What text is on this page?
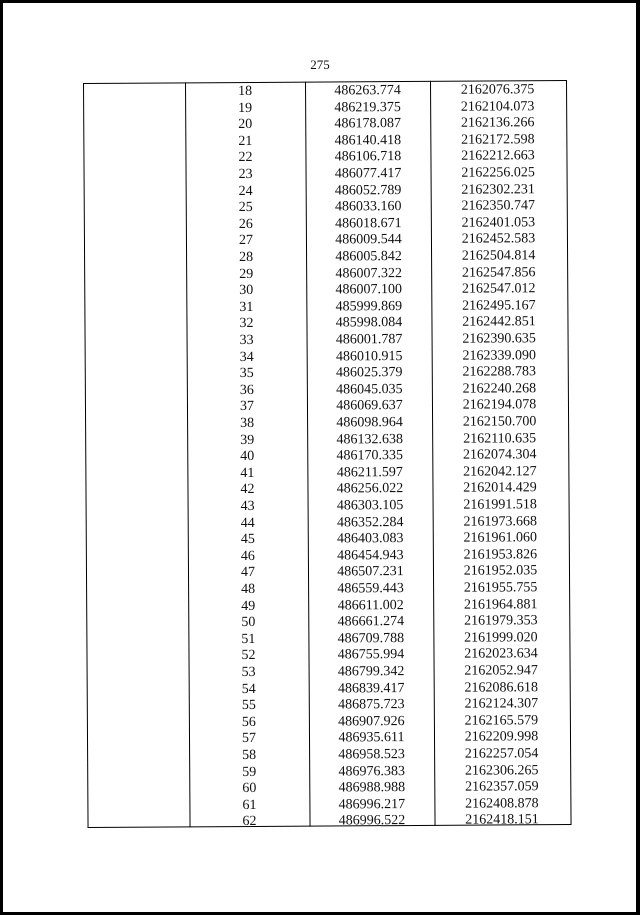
275
18	486263.774	2162076.375
19	486219.375	2162104.073
20	486178.087	2162136.266
21	486140.418	2162172.598
22	486106.718	2162212.663
23	486077.417	2162256.025
24	486052.789	2162302.231
25	486033.160	2162350.747
26	486018.671	2162401.053
27	486009.544	2162452.583
28	486005.842	2162504.814
29	486007.322	2162547.856
30	486007.100	2162547.012
31	485999.869	2162495.167
32	485998.084	2162442.851
33	486001.787	2162390.635
34	486010.915	2162339.090
35	486025.379	2162288.783
36	486045.035	2162240.268
37	486069.637	2162194.078
38	486098.964	2162150.700
39	486132.638	2162110.635
40	486170.335	2162074.304
41	486211.597	2162042.127
42	486256.022	2162014.429
43	486303.105	2161991.518
44	486352.284	2161973.668
45	486403.083	2161961.060
46	486454.943	2161953.826
47	486507.231	2161952.035
48	486559.443	2161955.755
49	486611.002	2161964.881
50	486661.274	2161979.353
51	486709.788	2161999.020
52	486755.994	2162023.634
53	486799.342	2162052.947
54	486839.417	2162086.618
55	486875.723	2162124.307
56	486907.926	2162165.579
57	486935.611	2162209.998
58	486958.523	2162257.054
59	486976.383	2162306.265
60	486988.988	2162357.059
61	486996.217	2162408.878
62	486996.522	2162418.151
